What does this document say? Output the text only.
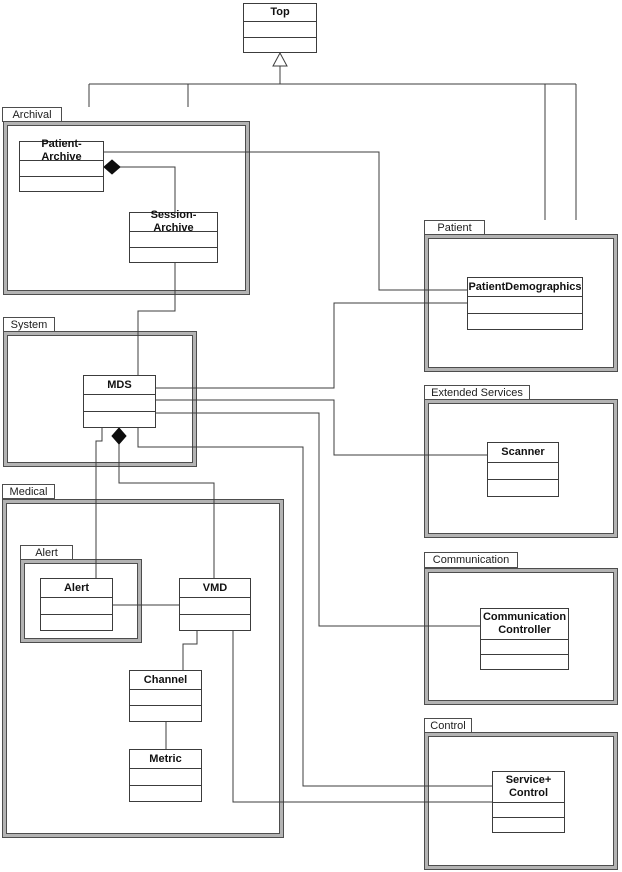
Archival
System
Medical
Alert
Patient
Extended Services
Communication
Control
Top
Patient-Archive
Session-Archive
MDS
PatientDemographics
Scanner
Alert	VMD
Channel
Metric
Communication Controller
Service+ Control
